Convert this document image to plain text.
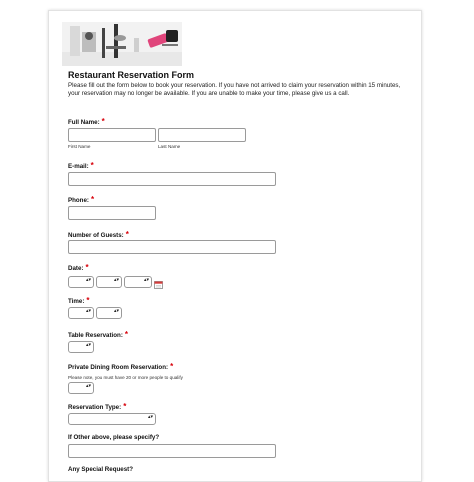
Restaurant Reservation Form
Please fill out the form below to book your reservation. If you have not arrived to claim your reservation within 15 minutes, your reservation may no longer be available. If you are unable to make your time, please give us a call.
Full Name: *
First Name	Last Name
E-mail: *
Phone: *
Number of Guests: *
Date: *
▴▾	▴▾	▴▾
Time: *
▴▾	▴▾
Table Reservation: *
▴▾
Private Dining Room Reservation: *
Please note, you must have 20 or more people to qualify
▴▾
Reservation Type: *
▴▾
If Other above, please specify?
Any Special Request?
